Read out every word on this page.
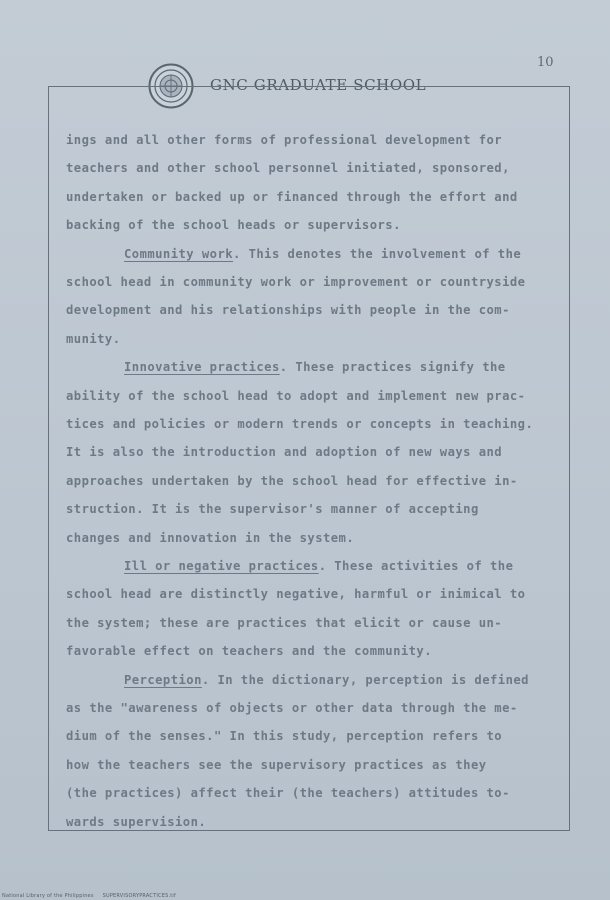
GNC GRADUATE SCHOOL
10
ings and all other forms of professional development for
teachers and other school personnel initiated, sponsored,
undertaken or backed up or financed through the effort and
backing of the school heads or supervisors.
Community work. This denotes the involvement of the
school head in community work or improvement or countryside
development and his relationships with people in the com-
munity.
Innovative practices. These practices signify the
ability of the school head to adopt and implement new prac-
tices and policies or modern trends or concepts in teaching.
It is also the introduction and adoption of new ways and
approaches undertaken by the school head for effective in-
struction. It is the supervisor's manner of accepting
changes and innovation in the system.
Ill or negative practices. These activities of the
school head are distinctly negative, harmful or inimical to
the system; these are practices that elicit or cause un-
favorable effect on teachers and the community.
Perception. In the dictionary, perception is defined
as the "awareness of objects or other data through the me-
dium of the senses." In this study, perception refers to
how the teachers see the supervisory practices as they
(the practices) affect their (the teachers) attitudes to-
wards supervision.
National Library of the Philippines     SUPERVISORYPRACTICES.tif
